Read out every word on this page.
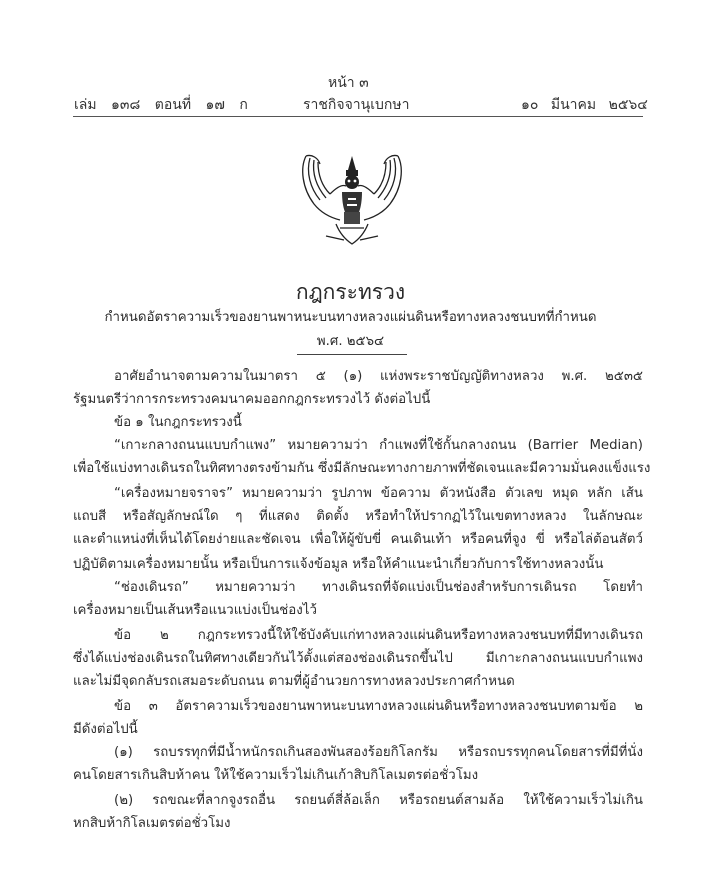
หน้า ๓
เล่ม ๑๓๘ ตอนที่ ๑๗ ก	ราชกิจจานุเบกษา	๑๐ มีนาคม ๒๕๖๔
กฎกระทรวง
กำหนดอัตราความเร็วของยานพาหนะบนทางหลวงแผ่นดินหรือทางหลวงชนบทที่กำหนด
พ.ศ. ๒๕๖๔
อาศัยอำนาจตามความในมาตรา ๕ (๑) แห่งพระราชบัญญัติทางหลวง พ.ศ. ๒๕๓๕
รัฐมนตรีว่าการกระทรวงคมนาคมออกกฎกระทรวงไว้ ดังต่อไปนี้
ข้อ ๑ ในกฎกระทรวงนี้
“เกาะกลางถนนแบบกำแพง” หมายความว่า กำแพงที่ใช้กั้นกลางถนน (Barrier Median)
เพื่อใช้แบ่งทางเดินรถในทิศทางตรงข้ามกัน ซึ่งมีลักษณะทางกายภาพที่ชัดเจนและมีความมั่นคงแข็งแรง
“เครื่องหมายจราจร” หมายความว่า รูปภาพ ข้อความ ตัวหนังสือ ตัวเลข หมุด หลัก เส้น
แถบสี หรือสัญลักษณ์ใด ๆ ที่แสดง ติดตั้ง หรือทำให้ปรากฏไว้ในเขตทางหลวง ในลักษณะ
และตำแหน่งที่เห็นได้โดยง่ายและชัดเจน เพื่อให้ผู้ขับขี่ คนเดินเท้า หรือคนที่จูง ขี่ หรือไล่ต้อนสัตว์
ปฏิบัติตามเครื่องหมายนั้น หรือเป็นการแจ้งข้อมูล หรือให้คำแนะนำเกี่ยวกับการใช้ทางหลวงนั้น
“ช่องเดินรถ” หมายความว่า ทางเดินรถที่จัดแบ่งเป็นช่องสำหรับการเดินรถ โดยทำ
เครื่องหมายเป็นเส้นหรือแนวแบ่งเป็นช่องไว้
ข้อ ๒ กฎกระทรวงนี้ให้ใช้บังคับแก่ทางหลวงแผ่นดินหรือทางหลวงชนบทที่มีทางเดินรถ
ซึ่งได้แบ่งช่องเดินรถในทิศทางเดียวกันไว้ตั้งแต่สองช่องเดินรถขึ้นไป มีเกาะกลางถนนแบบกำแพง
และไม่มีจุดกลับรถเสมอระดับถนน ตามที่ผู้อำนวยการทางหลวงประกาศกำหนด
ข้อ ๓ อัตราความเร็วของยานพาหนะบนทางหลวงแผ่นดินหรือทางหลวงชนบทตามข้อ ๒
มีดังต่อไปนี้
(๑) รถบรรทุกที่มีน้ำหนักรถเกินสองพันสองร้อยกิโลกรัม หรือรถบรรทุกคนโดยสารที่มีที่นั่ง
คนโดยสารเกินสิบห้าคน ให้ใช้ความเร็วไม่เกินเก้าสิบกิโลเมตรต่อชั่วโมง
(๒) รถขณะที่ลากจูงรถอื่น รถยนต์สี่ล้อเล็ก หรือรถยนต์สามล้อ ให้ใช้ความเร็วไม่เกิน
หกสิบห้ากิโลเมตรต่อชั่วโมง
